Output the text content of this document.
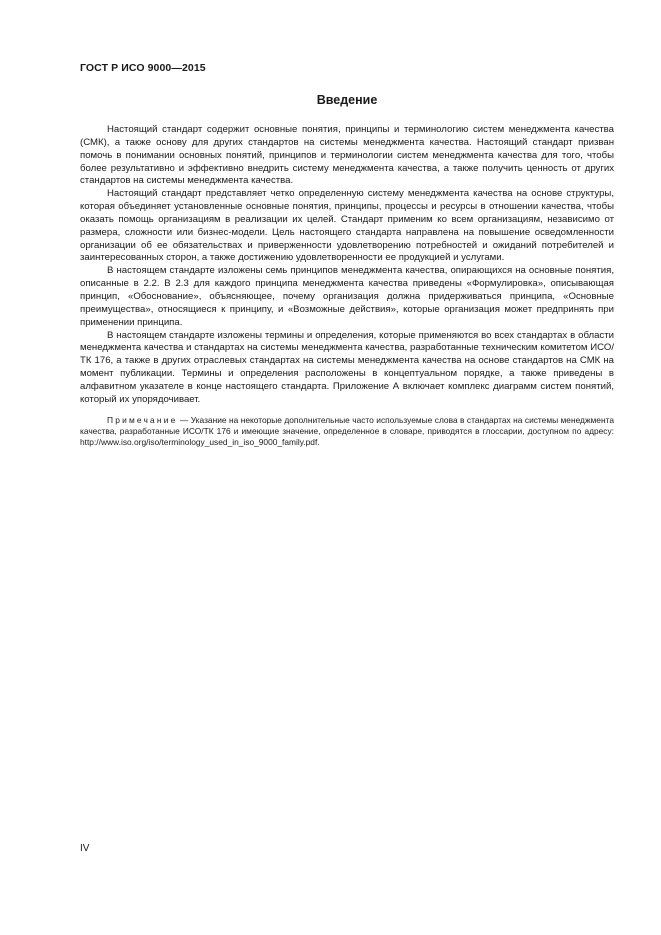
ГОСТ Р ИСО 9000—2015
Введение

Настоящий стандарт содержит основные понятия, принципы и терминологию систем менеджмента качества (СМК), а также основу для других стандартов на системы менеджмента качества. Настоящий стандарт призван помочь в понимании основных понятий, принципов и терминологии систем менеджмента качества для того, чтобы более результативно и эффективно внедрить систему менеджмента качества, а также получить ценность от других стандартов на системы менеджмента качества.

Настоящий стандарт представляет четко определенную систему менеджмента качества на основе структуры, которая объединяет установленные основные понятия, принципы, процессы и ресурсы в отношении качества, чтобы оказать помощь организациям в реализации их целей. Стандарт применим ко всем организациям, независимо от размера, сложности или бизнес-модели. Цель настоящего стандарта направлена на повышение осведомленности организации об ее обязательствах и приверженности удовлетворению потребностей и ожиданий потребителей и заинтересованных сторон, а также достижению удовлетворенности ее продукцией и услугами.

В настоящем стандарте изложены семь принципов менеджмента качества, опирающихся на основные понятия, описанные в 2.2. В 2.3 для каждого принципа менеджмента качества приведены «Формулировка», описывающая принцип, «Обоснование», объясняющее, почему организация должна придерживаться принципа, «Основные преимущества», относящиеся к принципу, и «Возможные действия», которые организация может предпринять при применении принципа.

В настоящем стандарте изложены термины и определения, которые применяются во всех стандартах в области менеджмента качества и стандартах на системы менеджмента качества, разработанные техническим комитетом ИСО/ТК 176, а также в других отраслевых стандартах на системы менеджмента качества на основе стандартов на СМК на момент публикации. Термины и определения расположены в концептуальном порядке, а также приведены в алфавитном указателе в конце настоящего стандарта. Приложение А включает комплекс диаграмм систем понятий, который их упорядочивает.

Примечание — Указание на некоторые дополнительные часто используемые слова в стандартах на системы менеджмента качества, разработанные ИСО/ТК 176 и имеющие значение, определенное в словаре, приводятся в глоссарии, доступном по адресу: http://www.iso.org/iso/terminology_used_in_iso_9000_family.pdf.
IV
